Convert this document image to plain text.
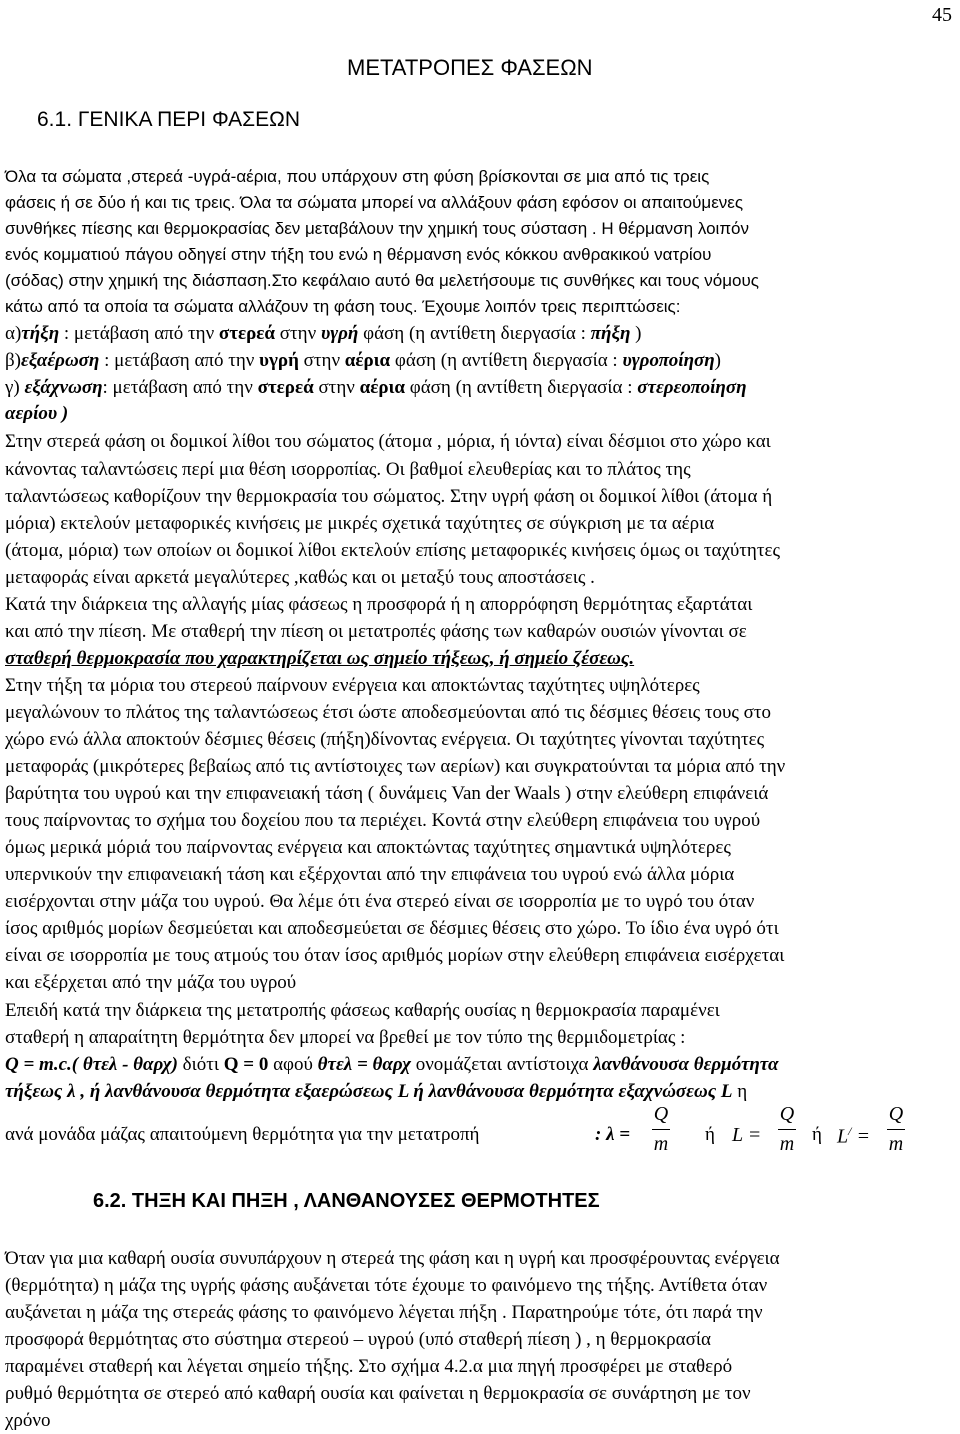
45
ΜΕΤΑΤΡΟΠΕΣ ΦΑΣΕΩΝ
6.1. ΓΕΝΙΚΑ ΠΕΡΙ ΦΑΣΕΩΝ
Όλα τα σώματα ,στερεά -υγρά-αέρια, που υπάρχουν στη φύση βρίσκονται σε μια από τις τρεις
φάσεις ή σε δύο ή και τις τρεις. Όλα τα σώματα μπορεί να αλλάξουν φάση εφόσον οι απαιτούμενες
συνθήκες πίεσης και θερμοκρασίας δεν μεταβάλουν την χημική τους σύσταση . Η θέρμανση λοιπόν
ενός κομματιού πάγου οδηγεί στην τήξη του ενώ η θέρμανση ενός κόκκου ανθρακικού νατρίου
(σόδας) στην χημική της διάσπαση.Στο κεφάλαιο αυτό θα μελετήσουμε τις συνθήκες και τους νόμους
κάτω από τα οποία τα σώματα αλλάζουν τη φάση τους. Έχουμε λοιπόν τρεις περιπτώσεις:
α)τήξη : μετάβαση από την στερεά στην υγρή φάση (η αντίθετη διεργασία : πήξη )
β)εξαέρωση : μετάβαση από την υγρή στην αέρια φάση (η αντίθετη διεργασία : υγροποίηση)
γ) εξάχνωση: μετάβαση από την στερεά στην αέρια φάση (η αντίθετη διεργασία : στερεοποίηση
αερίου )
Στην στερεά φάση οι δομικοί λίθοι του σώματος (άτομα , μόρια, ή ιόντα) είναι δέσμιοι στο χώρο και
κάνοντας ταλαντώσεις περί μια θέση ισορροπίας. Οι βαθμοί ελευθερίας και το πλάτος της
ταλαντώσεως καθορίζουν την θερμοκρασία του σώματος. Στην υγρή φάση οι δομικοί λίθοι (άτομα ή
μόρια) εκτελούν μεταφορικές κινήσεις με μικρές σχετικά ταχύτητες σε σύγκριση με τα αέρια
(άτομα, μόρια) των οποίων οι δομικοί λίθοι εκτελούν επίσης μεταφορικές κινήσεις όμως οι ταχύτητες
μεταφοράς είναι αρκετά μεγαλύτερες ,καθώς και οι μεταξύ τους αποστάσεις .
Κατά την διάρκεια της αλλαγής μίας φάσεως η προσφορά ή η απορρόφηση θερμότητας εξαρτάται
και από την πίεση. Με σταθερή την πίεση οι μετατροπές φάσης των καθαρών ουσιών γίνονται σε
σταθερή θερμοκρασία που χαρακτηρίζεται ως σημείο τήξεως, ή σημείο ζέσεως.
Στην τήξη τα μόρια του στερεού παίρνουν ενέργεια και αποκτώντας ταχύτητες υψηλότερες
μεγαλώνουν το πλάτος της ταλαντώσεως έτσι ώστε αποδεσμεύονται από τις δέσμιες θέσεις τους στο
χώρο ενώ άλλα αποκτούν δέσμιες θέσεις (πήξη)δίνοντας ενέργεια. Οι ταχύτητες γίνονται ταχύτητες
μεταφοράς (μικρότερες βεβαίως από τις αντίστοιχες των αερίων) και συγκρατούνται τα μόρια από την
βαρύτητα του υγρού και την επιφανειακή τάση ( δυνάμεις Van der Waals ) στην ελεύθερη επιφάνειά
τους παίρνοντας το σχήμα του δοχείου που τα περιέχει. Κοντά στην ελεύθερη επιφάνεια του υγρού
όμως μερικά μόριά του παίρνοντας ενέργεια και αποκτώντας ταχύτητες σημαντικά υψηλότερες
υπερνικούν την επιφανειακή τάση και εξέρχονται από την επιφάνεια του υγρού ενώ άλλα μόρια
εισέρχονται στην μάζα του υγρού. Θα λέμε ότι ένα στερεό είναι σε ισορροπία με το υγρό του όταν
ίσος αριθμός μορίων δεσμεύεται και αποδεσμεύεται σε δέσμιες θέσεις στο χώρο. Το ίδιο ένα υγρό ότι
είναι σε ισορροπία με τους ατμούς του όταν ίσος αριθμός μορίων στην ελεύθερη επιφάνεια εισέρχεται
και εξέρχεται από την μάζα του υγρού
Επειδή κατά την διάρκεια της μετατροπής φάσεως καθαρής ουσίας η θερμοκρασία παραμένει
σταθερή η απαραίτητη θερμότητα δεν μπορεί να βρεθεί με τον τύπο της θερμιδομετρίας :
Q = m.c.( θτελ - θαρχ) διότι Q = 0 αφού θτελ = θαρχ ονομάζεται αντίστοιχα λανθάνουσα θερμότητα
τήξεως λ , ή λανθάνουσα θερμότητα εξαερώσεως L ή λανθάνουσα θερμότητα εξαχνώσεως L η
ανά μονάδα μάζας απαιτούμενη θερμότητα για την μετατροπή	: λ =
Q
m ή L =
Q
m ή L/ =
Q
m
6.2. ΤΗΞΗ ΚΑΙ ΠΗΞΗ , ΛΑΝΘΑΝΟΥΣΕΣ ΘΕΡΜΟΤΗΤΕΣ
Όταν για μια καθαρή ουσία συνυπάρχουν η στερεά της φάση και η υγρή και προσφέρουντας ενέργεια
(θερμότητα) η μάζα της υγρής φάσης αυξάνεται τότε έχουμε το φαινόμενο της τήξης. Αντίθετα όταν
αυξάνεται η μάζα της στερεάς φάσης το φαινόμενο λέγεται πήξη . Παρατηρούμε τότε, ότι παρά την
προσφορά θερμότητας στο σύστημα στερεού – υγρού (υπό σταθερή πίεση ) , η θερμοκρασία
παραμένει σταθερή και λέγεται σημείο τήξης. Στο σχήμα 4.2.α μια πηγή προσφέρει με σταθερό
ρυθμό θερμότητα σε στερεό από καθαρή ουσία και φαίνεται η θερμοκρασία σε συνάρτηση με τον
χρόνο
